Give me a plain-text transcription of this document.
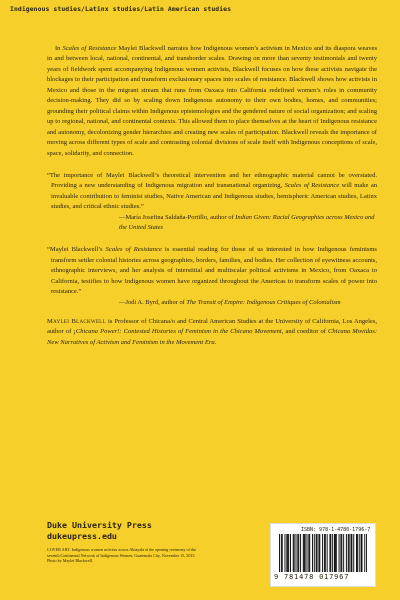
Indigenous studies/Latinx studies/Latin American studies

In Scales of Resistance Maylei Blackwell narrates how Indigenous women’s activism in Mexico and its diaspora weaves in and between local, national, continental, and transborder scales. Drawing on more than seventy testimonials and twenty years of fieldwork spent accompanying Indigenous women activists, Blackwell focuses on how these activists navigate the blockages to their participation and transform exclusionary spaces into scales of resistance. Blackwell shows how activists in Mexico and those in the migrant stream that runs from Oaxaca into California redefined women’s roles in community decision-making. They did so by scaling down Indigenous autonomy to their own bodies, homes, and communities; grounding their political claims within Indigenous epistemologies and the gendered nature of social organization; and scaling up to regional, national, and continental contexts. This allowed them to place themselves at the heart of Indigenous resistance and autonomy, decolonizing gender hierarchies and creating new scales of participation. Blackwell reveals the importance of moving across different types of scale and contrasting colonial divisions of scale itself with Indigenous conceptions of scale, space, solidarity, and connection.

“The importance of Maylei Blackwell’s theoretical intervention and her ethnographic material cannot be overstated. Providing a new understanding of Indigenous migration and transnational organizing, Scales of Resistance will make an invaluable contribution to feminist studies, Native American and Indigenous studies, hemispheric American studies, Latinx studies, and critical ethnic studies.”

—María Josefina Saldaña-Portillo, author of Indian Given: Racial Geographies across Mexico and the United States

“Maylei Blackwell’s Scales of Resistance is essential reading for those of us interested in how Indigenous feminisms transform settler colonial histories across geographies, borders, families, and bodies. Her collection of eyewitness accounts, ethnographic interviews, and her analysis of interstitial and multiscalar political activisms in Mexico, from Oaxaca to California, testifies to how Indigenous women have organized throughout the Americas to transform scales of power into resistance.”

—Jodi A. Byrd, author of The Transit of Empire: Indigenous Critiques of Colonialism

Maylei Blackwell is Professor of Chicana/o and Central American Studies at the University of California, Los Angeles, author of ¡Chicana Power!: Contested Histories of Feminism in the Chicano Movement, and coeditor of Chicana Movidas: New Narratives of Activism and Feminism in the Movement Era.

Duke University Press
dukeupress.edu
COVER ART: Indigenous women activists across Abiayala at the opening ceremony of the seventh Continental Network of Indigenous Women, Guatemala City, November 15, 2015. Photo by Maylei Blackwell.
ISBN: 978-1-4780-1796-7
9 781478 017967
